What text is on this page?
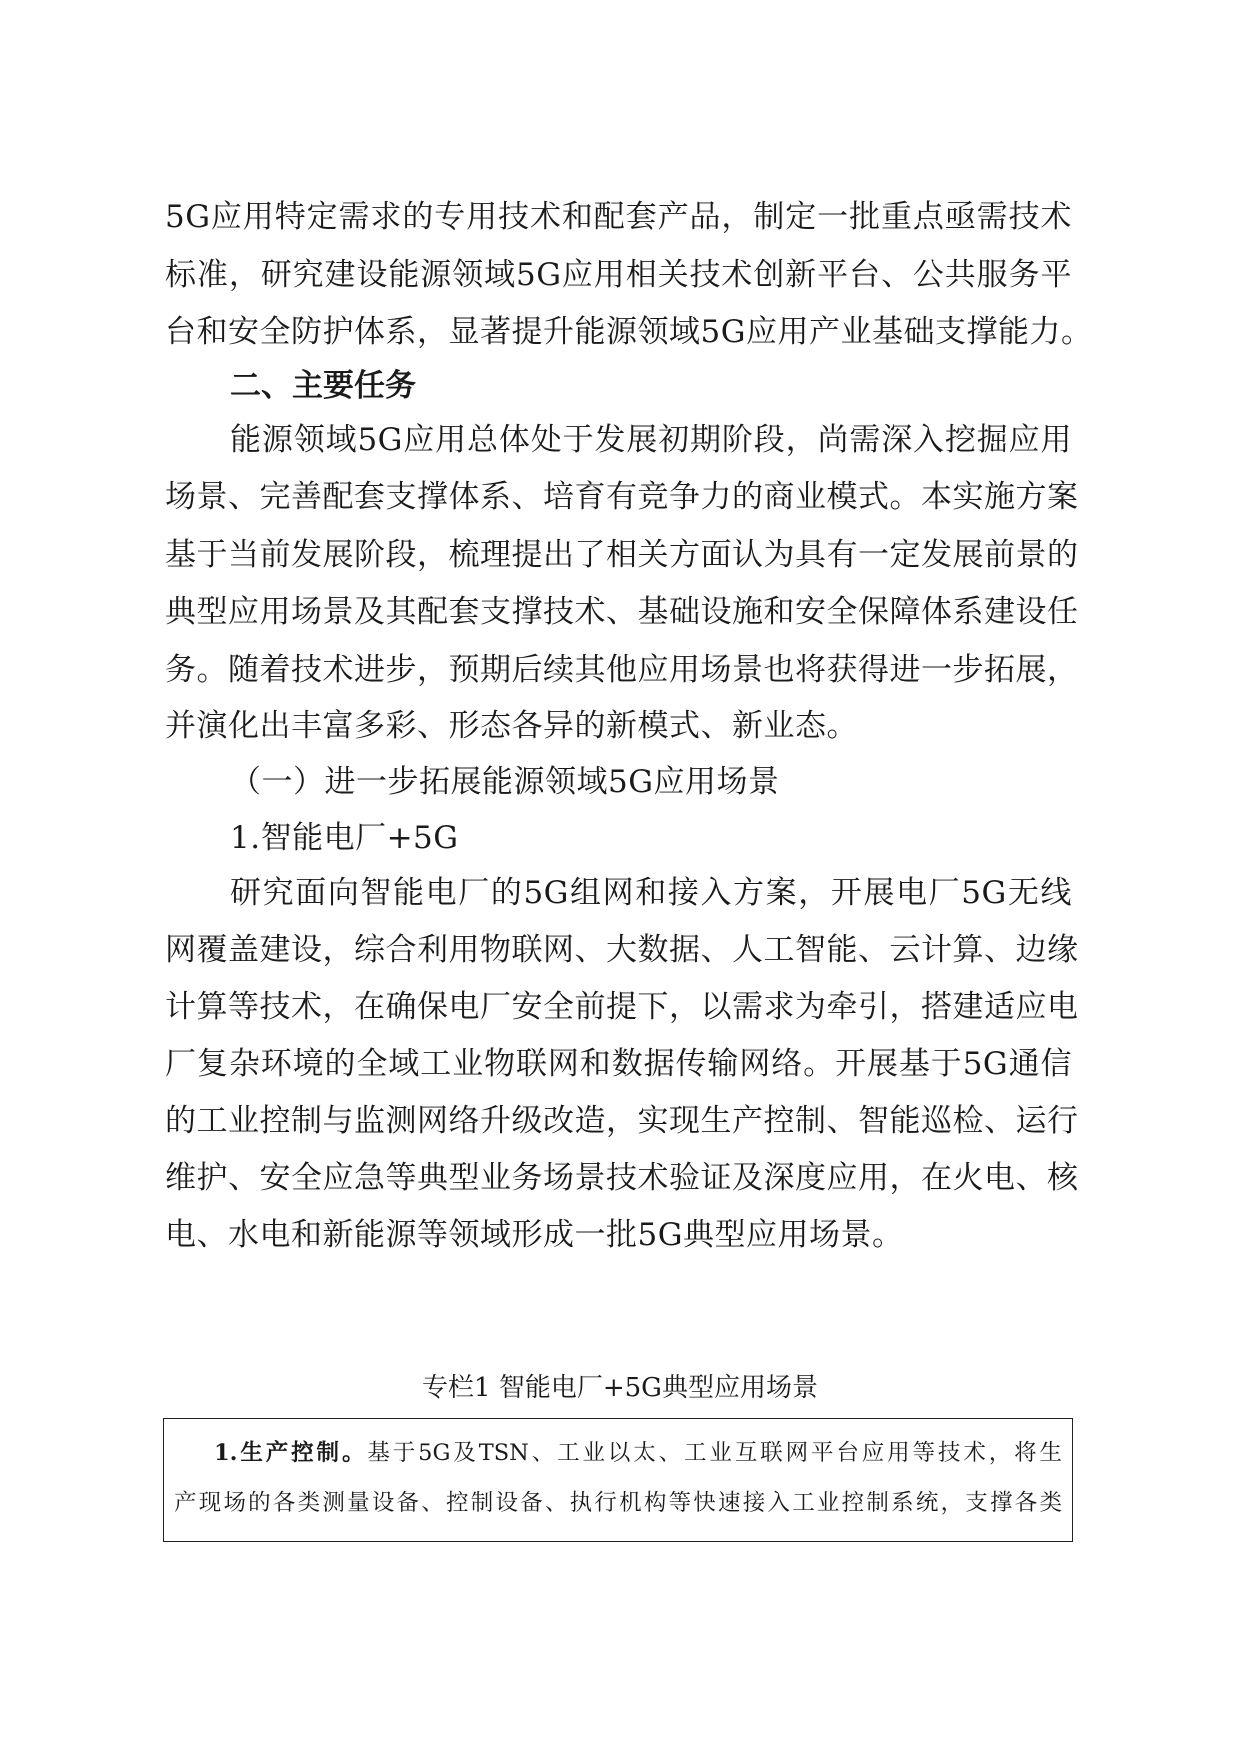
5G应用特定需求的专用技术和配套产品，制定一批重点亟需技术
标准，研究建设能源领域5G应用相关技术创新平台、公共服务平
台和安全防护体系，显著提升能源领域5G应用产业基础支撑能力。
二、主要任务
能源领域5G应用总体处于发展初期阶段，尚需深入挖掘应用
场景、完善配套支撑体系、培育有竞争力的商业模式。本实施方案
基于当前发展阶段，梳理提出了相关方面认为具有一定发展前景的
典型应用场景及其配套支撑技术、基础设施和安全保障体系建设任
务。随着技术进步，预期后续其他应用场景也将获得进一步拓展，
并演化出丰富多彩、形态各异的新模式、新业态。
（一）进一步拓展能源领域5G应用场景
1.智能电厂+5G
研究面向智能电厂的5G组网和接入方案，开展电厂5G无线
网覆盖建设，综合利用物联网、大数据、人工智能、云计算、边缘
计算等技术，在确保电厂安全前提下，以需求为牵引，搭建适应电
厂复杂环境的全域工业物联网和数据传输网络。开展基于5G通信
的工业控制与监测网络升级改造，实现生产控制、智能巡检、运行
维护、安全应急等典型业务场景技术验证及深度应用，在火电、核
电、水电和新能源等领域形成一批5G典型应用场景。
专栏1 智能电厂+5G典型应用场景
1.生产控制。基于5G及TSN、工业以太、工业互联网平台应用等技术，将生
产现场的各类测量设备、控制设备、执行机构等快速接入工业控制系统，支撑各类
